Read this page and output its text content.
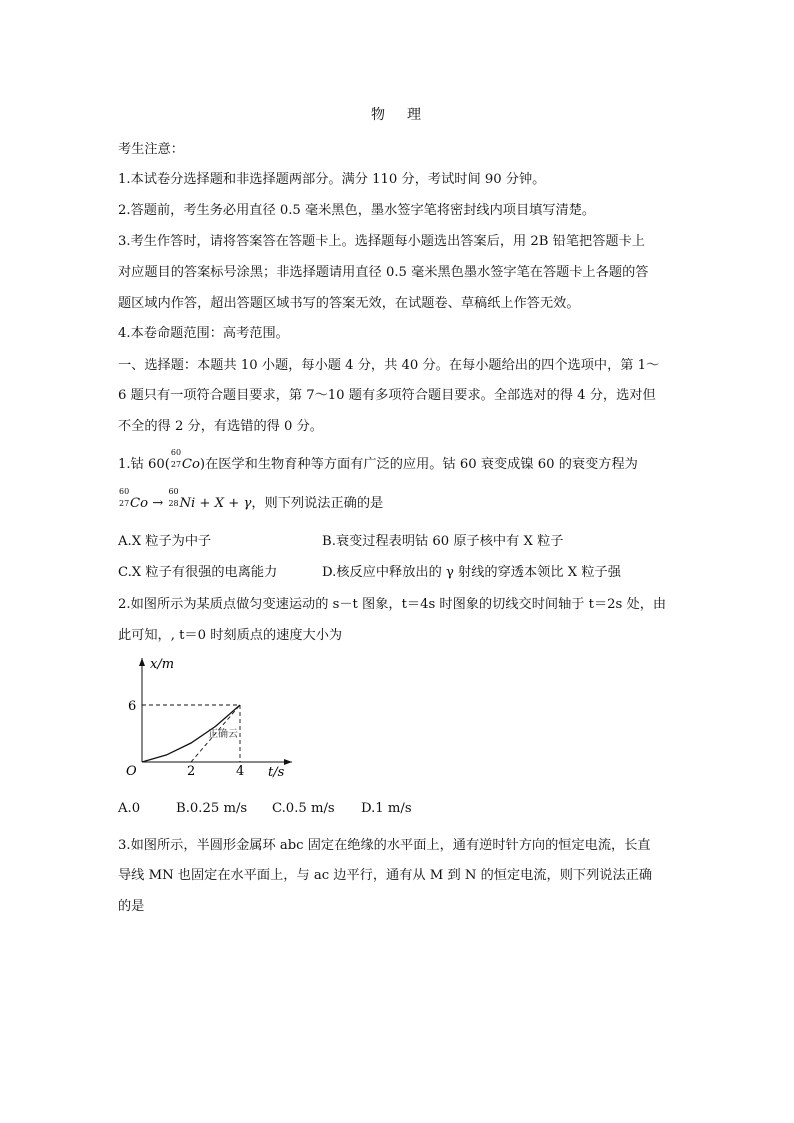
物 理
考生注意：
1.本试卷分选择题和非选择题两部分。满分 110 分，考试时间 90 分钟。
2.答题前，考生务必用直径 0.5 毫米黑色，墨水签字笔将密封线内项目填写清楚。
3.考生作答时，请将答案答在答题卡上。选择题每小题选出答案后，用 2B 铅笔把答题卡上
对应题目的答案标号涂黑；非选择题请用直径 0.5 毫米黑色墨水签字笔在答题卡上各题的答
题区域内作答，超出答题区域书写的答案无效，在试题卷、草稿纸上作答无效。
4.本卷命题范围：高考范围。
一、选择题：本题共 10 小题，每小题 4 分，共 40 分。在每小题给出的四个选项中，第 1～
6 题只有一项符合题目要求，第 7～10 题有多项符合题目要求。全部选对的得 4 分，选对但
不全的得 2 分，有选错的得 0 分。
1.钴 60(
60
27 Co)在医学和生物育种等方面有广泛的应用。钴 60 衰变成镍 60 的衰变方程为
60
27 Co →
60
28 Ni + X + γ，则下列说法正确的是
A.X 粒子为中子	B.衰变过程表明钴 60 原子核中有 X 粒子
C.X 粒子有很强的电离能力	D.核反应中释放出的 γ 射线的穿透本领比 X 粒子强
2.如图所示为某质点做匀变速运动的 s－t 图象，t＝4s 时图象的切线交时间轴于 t＝2s 处，由
此可知，, t＝0 时刻质点的速度大小为
x/m
6
O	2	4 t/s
正确云
A.0	B.0.25 m/s C.0.5 m/s D.1 m/s
3.如图所示，半圆形金属环 abc 固定在绝缘的水平面上，通有逆时针方向的恒定电流，长直
导线 MN 也固定在水平面上，与 ac 边平行，通有从 M 到 N 的恒定电流，则下列说法正确
的是
